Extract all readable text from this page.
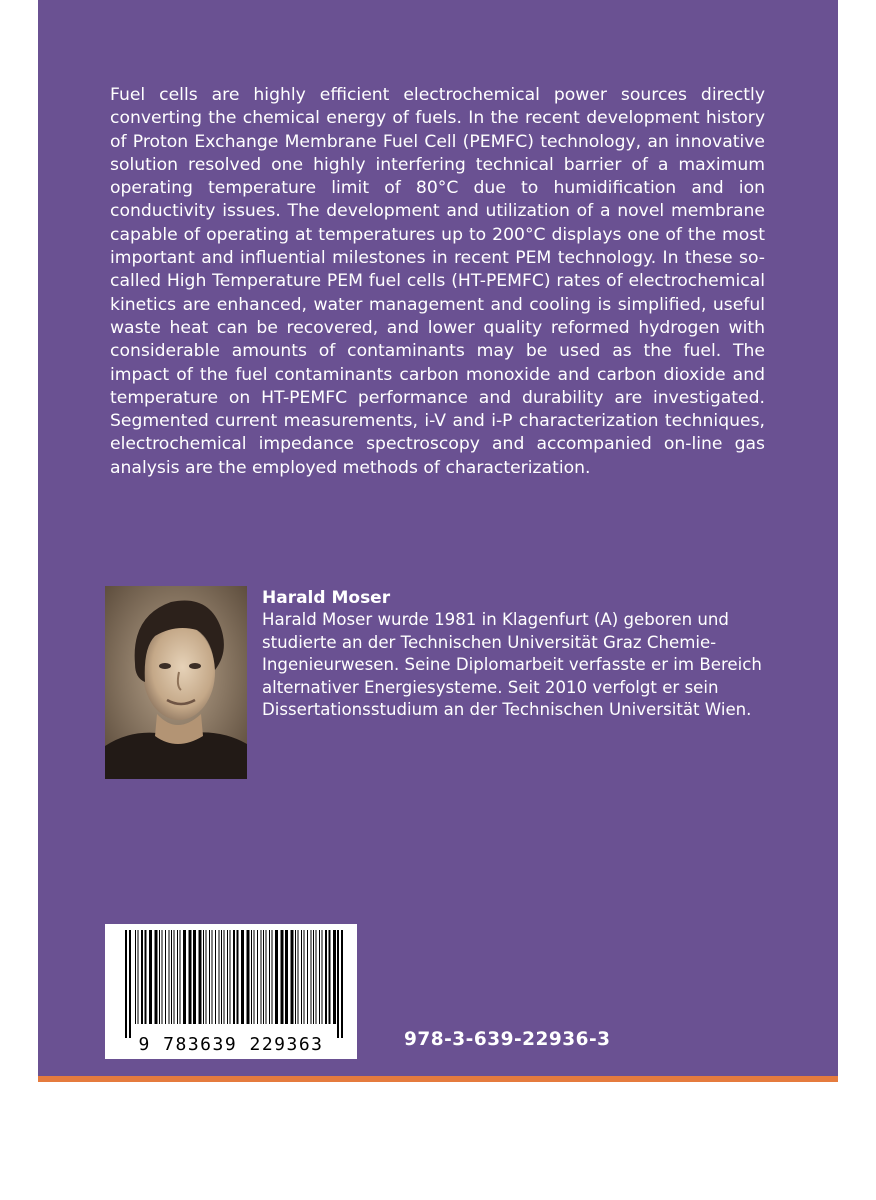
Fuel cells are highly efficient electrochemical power sources directly converting the chemical energy of fuels. In the recent development history of Proton Exchange Membrane Fuel Cell (PEMFC) technology, an innovative solution resolved one highly interfering technical barrier of a maximum operating temperature limit of 80°C due to humidification and ion conductivity issues. The development and utilization of a novel membrane capable of operating at temperatures up to 200°C displays one of the most important and influential milestones in recent PEM technology. In these so-called High Temperature PEM fuel cells (HT-PEMFC) rates of electrochemical kinetics are enhanced, water management and cooling is simplified, useful waste heat can be recovered, and lower quality reformed hydrogen with considerable amounts of contaminants may be used as the fuel. The impact of the fuel contaminants carbon monoxide and carbon dioxide and temperature on HT-PEMFC performance and durability are investigated. Segmented current measurements, i-V and i-P characterization techniques, electrochemical impedance spectroscopy and accompanied on-line gas analysis are the employed methods of characterization.

Harald Moser

Harald Moser wurde 1981 in Klagenfurt (A) geboren und studierte an der Technischen Universität Graz Chemie-Ingenieurwesen. Seine Diplomarbeit verfasste er im Bereich alternativer Energiesysteme. Seit 2010 verfolgt er sein Dissertationsstudium an der Technischen Universität Wien.

9 783639 229363	978-3-639-22936-3
